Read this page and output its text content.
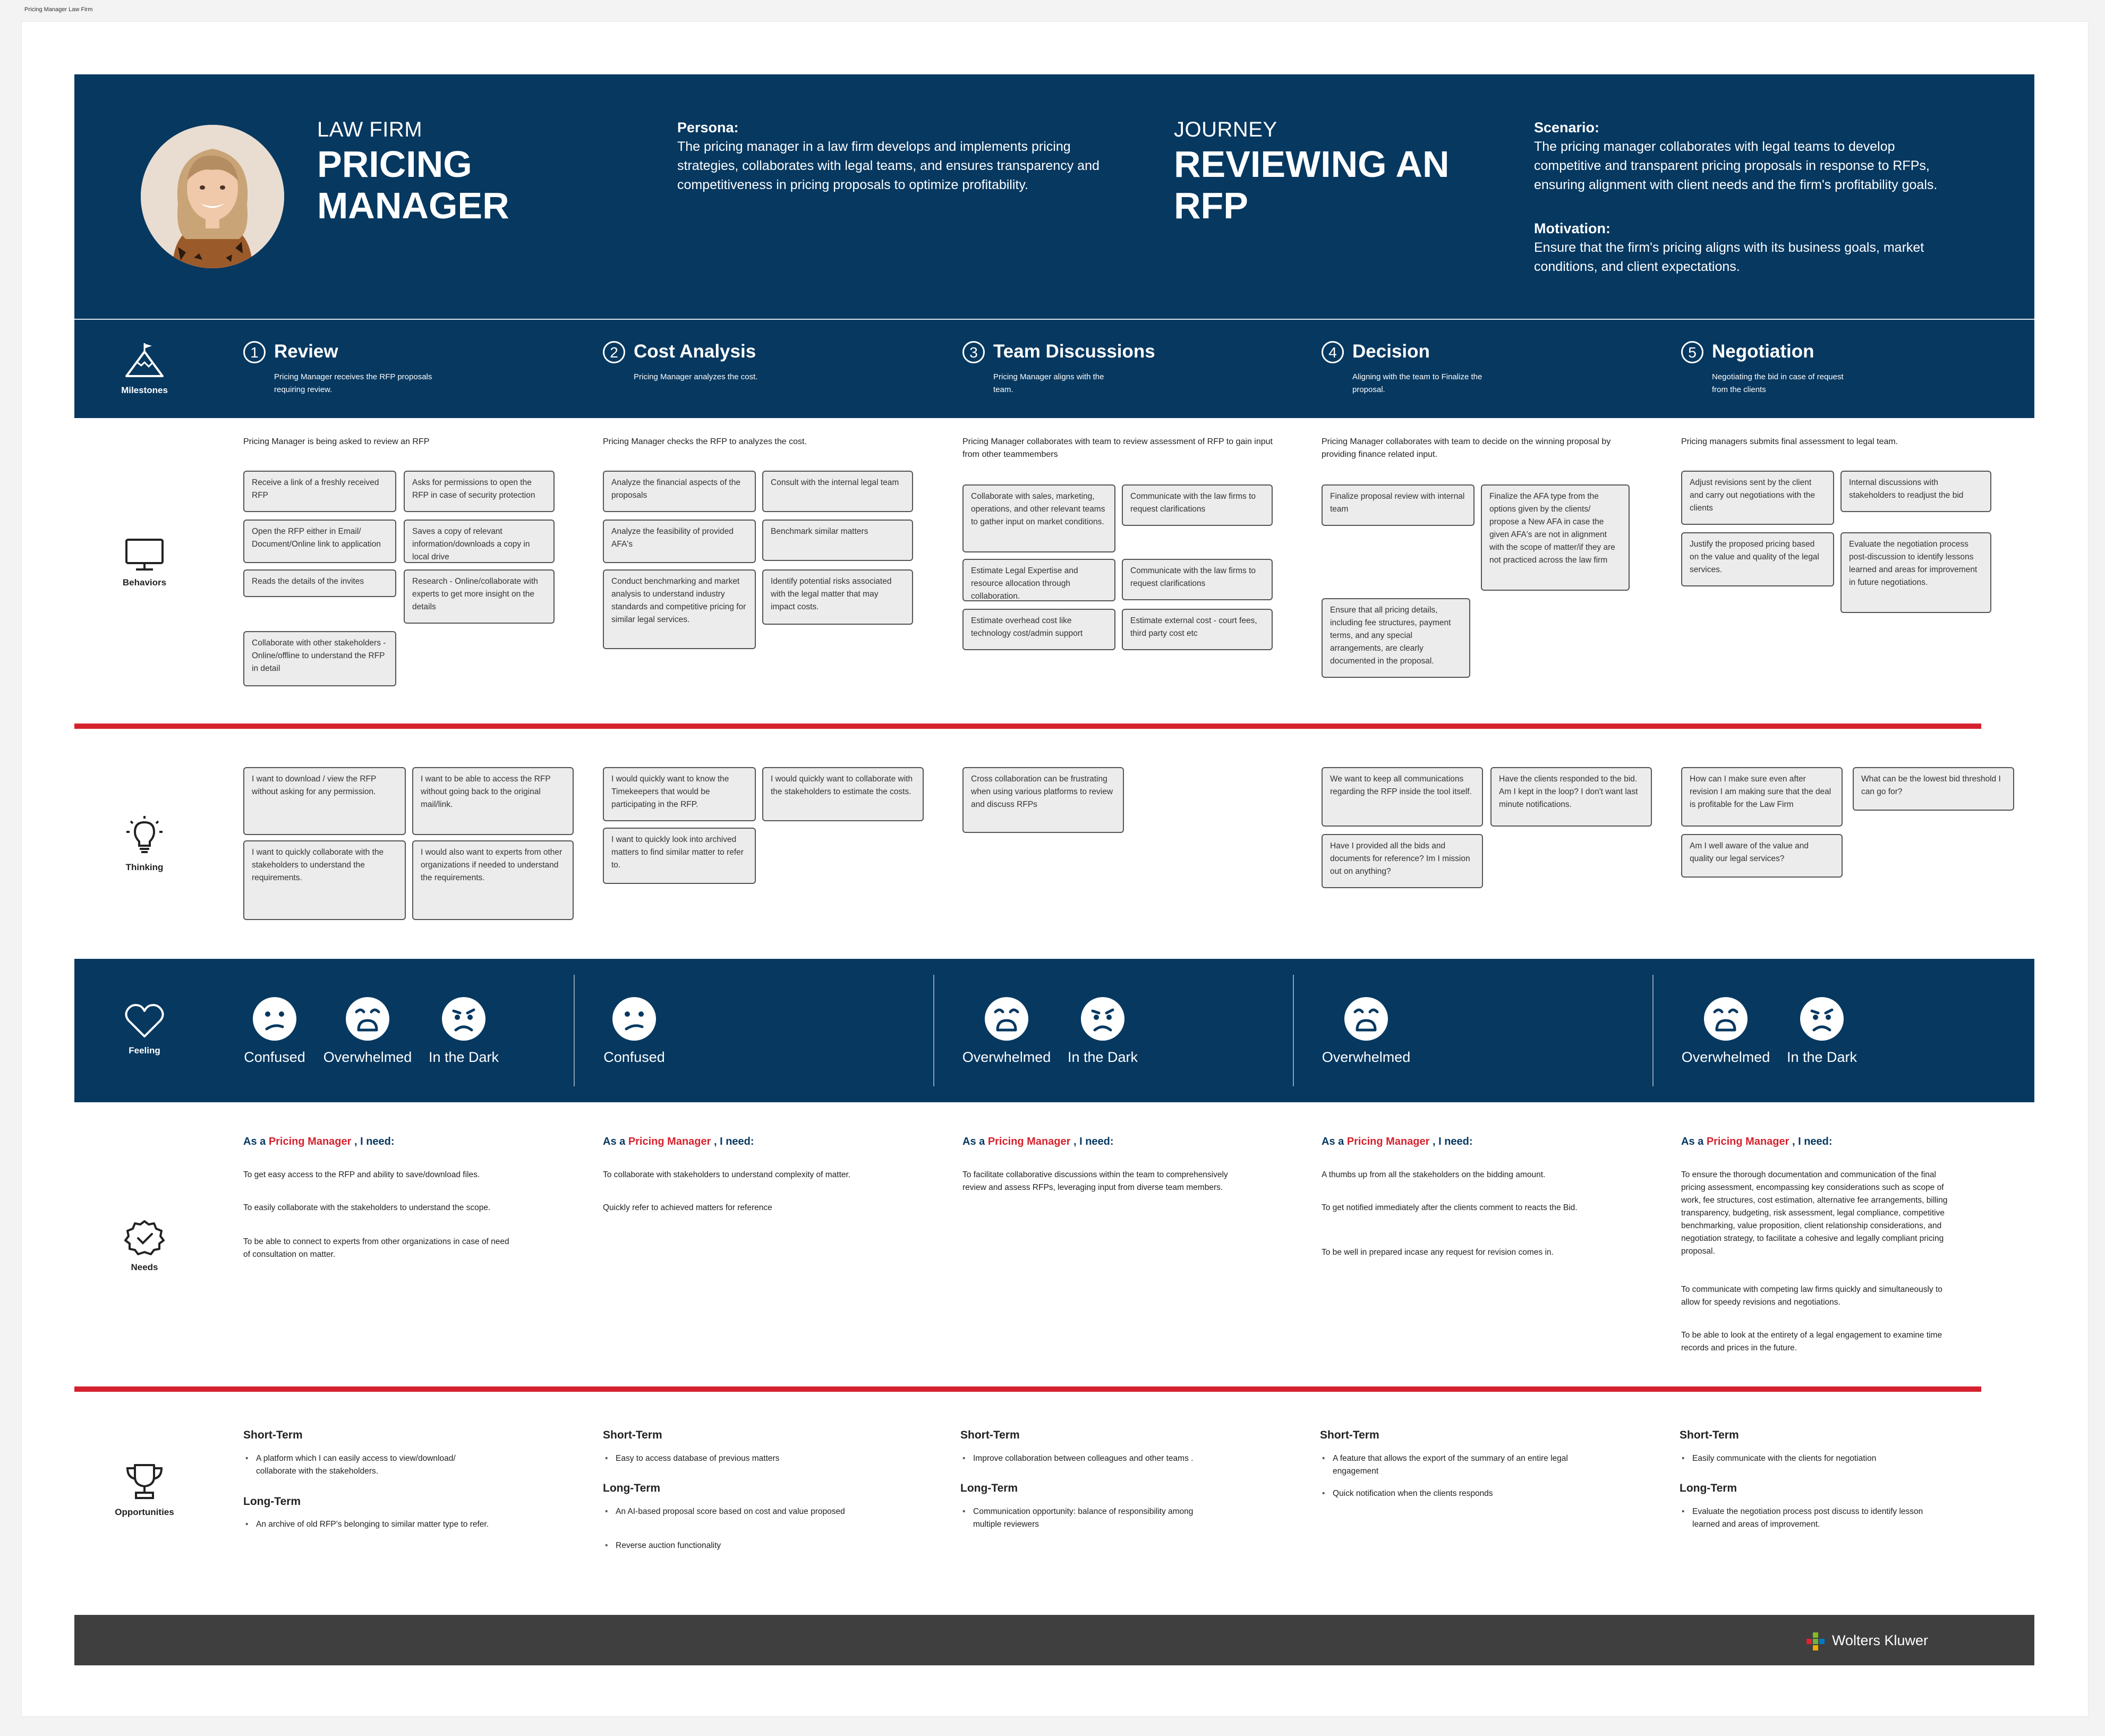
Pricing Manager Law Firm
LAW FIRM
PRICING
MANAGER
Persona:
The pricing manager in a law firm develops and implements pricing strategies, collaborates with legal teams, and ensures transparency and competitiveness in pricing proposals to optimize profitability.
JOURNEY
REVIEWING AN
RFP
Scenario:
The pricing manager collaborates with legal teams to develop competitive and transparent pricing proposals in response to RFPs, ensuring alignment with client needs and the firm's profitability goals.
Motivation:
Ensure that the firm's pricing aligns with its business goals, market conditions, and client expectations.
Milestones
1 Review
Pricing Manager receives the RFP proposals requiring review.
2 Cost Analysis
Pricing Manager analyzes the cost.
3 Team Discussions
Pricing Manager aligns with the team.
4 Decision
Aligning with the team to Finalize the proposal.
5 Negotiation
Negotiating the bid in case of request from the clients
Behaviors
Pricing Manager is being asked to review an RFP	Pricing Manager checks the RFP to analyzes the cost.	Pricing Manager collaborates with team to review assessment of RFP to gain input from other teammembers
Pricing Manager collaborates with team to decide on the winning proposal by providing finance related input.
Pricing managers submits final assessment to legal team.
Receive a link of a freshly received RFP
Asks for permissions to open the RFP in case of security protection
Open the RFP either in Email/ Document/Online link to application
Saves a copy of relevant information/downloads a copy in local drive
Reads the details of the invites	Research - Online/collaborate with experts to get more insight on the details
Collaborate with other stakeholders - Online/offline to understand the RFP in detail
Analyze the financial aspects of the proposals
Consult with the internal legal team
Analyze the feasibility of provided AFA's
Benchmark similar matters
Conduct benchmarking and market analysis to understand industry standards and competitive pricing for similar legal services.
Identify potential risks associated with the legal matter that may impact costs.
Collaborate with sales, marketing, operations, and other relevant teams to gather input on market conditions.
Communicate with the law firms to request clarifications
Estimate Legal Expertise and resource allocation through collaboration.
Communicate with the law firms to request clarifications
Estimate overhead cost like technology cost/admin support
Estimate external cost - court fees, third party cost etc
Finalize proposal review with internal team
Finalize the AFA type from the options given by the clients/ propose a New AFA in case the given AFA's are not in alignment with the scope of matter/if they are not practiced across the law firm
Ensure that all pricing details, including fee structures, payment terms, and any special arrangements, are clearly documented in the proposal.
Adjust revisions sent by the client and carry out negotiations with the clients
Internal discussions with stakeholders to readjust the bid
Justify the proposed pricing based on the value and quality of the legal services.
Evaluate the negotiation process post-discussion to identify lessons learned and areas for improvement in future negotiations.
Thinking
I want to download / view the RFP without asking for any permission.
I want to be able to access the RFP without going back to the original mail/link.
I want to quickly collaborate with the stakeholders to understand the requirements.
I would also want to experts from other organizations if needed to understand the requirements.
I would quickly want to know the Timekeepers that would be participating in the RFP.
I would quickly want to collaborate with the stakeholders to estimate the costs.
I want to quickly look into archived matters to find similar matter to refer to.
Cross collaboration can be frustrating when using various platforms to review and discuss RFPs
We want to keep all communications regarding the RFP inside the tool itself.
Have the clients responded to the bid. Am I kept in the loop? I don't want last minute notifications.
Have I provided all the bids and documents for reference? Im I mission out on anything?
How can I make sure even after revision I am making sure that the deal is profitable for the Law Firm
What can be the lowest bid threshold I can go for?
Am I well aware of the value and quality our legal services?
Feeling	Confused Overwhelmed	In the Dark	Confused	Overwhelmed	In the Dark	Overwhelmed	Overwhelmed	In the Dark
Needs
As a Pricing Manager , I need:	As a Pricing Manager , I need:	As a Pricing Manager , I need:	As a Pricing Manager , I need:	As a Pricing Manager , I need:
To get easy access to the RFP and ability to save/download files.
To easily collaborate with the stakeholders to understand the scope.
To be able to connect to experts from other organizations in case of need of consultation on matter.
To collaborate with stakeholders to understand complexity of matter.
Quickly refer to achieved matters for reference
To facilitate collaborative discussions within the team to comprehensively review and assess RFPs, leveraging input from diverse team members.
A thumbs up from all the stakeholders on the bidding amount.
To get notified immediately after the clients comment to reacts the Bid.
To be well in prepared incase any request for revision comes in.
To ensure the thorough documentation and communication of the final pricing assessment, encompassing key considerations such as scope of work, fee structures, cost estimation, alternative fee arrangements, billing transparency, budgeting, risk assessment, legal compliance, competitive benchmarking, value proposition, client relationship considerations, and negotiation strategy, to facilitate a cohesive and legally compliant pricing proposal.
To communicate with competing law firms quickly and simultaneously to allow for speedy revisions and negotiations.
To be able to look at the entirety of a legal engagement to examine time records and prices in the future.
Opportunities
Short-Term
• A platform which I can easily access to view/download/ collaborate with the stakeholders.
Long-Term
• An archive of old RFP's belonging to similar matter type to refer.
Short-Term
• Easy to access database of previous matters
Long-Term
• An AI-based proposal score based on cost and value proposed
• Reverse auction functionality
Short-Term
• Improve collaboration between colleagues and other teams .
Long-Term
• Communication opportunity: balance of responsibility among multiple reviewers
Short-Term
• A feature that allows the export of the summary of an entire legal engagement
• Quick notification when the clients responds
Short-Term
• Easily communicate with the clients for negotiation
Long-Term
• Evaluate the negotiation process post discuss to identify lesson learned and areas of improvement.
Wolters Kluwer
